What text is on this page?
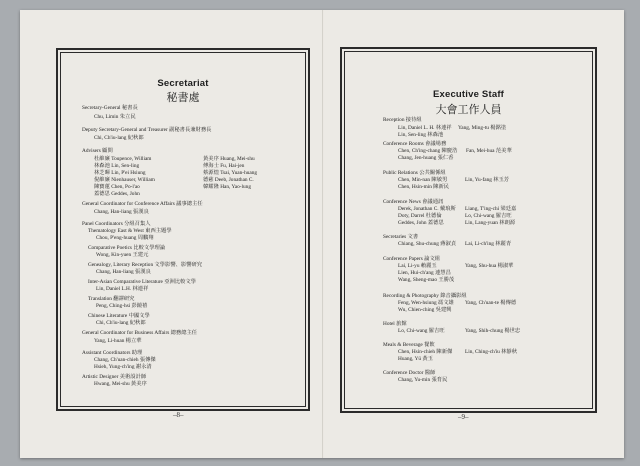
Secretariat
秘書處	Executive Staff
大會工作人員
–8–	–9–
Secretary-General 秘書長
Chu, Limin 朱立民
Deputy Secretary-General and Treasurer 副秘書長兼財務長
Chi, Ch'iu-lang 紀秋郎
Advisers 顧問
杜維廉 Toupence, William	黃美序 Huang, Mei-shu
林森池 Lin, Sen-ling	傅海士 Fu, Hai-jen
林芝暉 Lin, P'ei Hsiung	蔡源煌 Tsai, Yuan-huang
倪維廉 Nienhauser, William	德慈 Deeb, Jonathan C.
陳寶蓮 Chen, Po-l'ao	韓耀隆 Han, Yao-lung
蓋德思 Geddes, John
General Coordinator for Conference Affairs 議事總主任
Chang, Han-liang 張漢良
Panel Coordinators 分組召集人
Thematology East & West 東西主題學
Chou, P'eng-huang 周鵬翔
Comparative Poetics 比較文學理論
Wong, Kin-yuen 王建元
Genealogy, Literary Reception 文學影響、影響研究
Chang, Han-liang 張漢良
Inter-Asian Comparative Literature 亞洲比較文學
Lin, Daniel L.H. 林連祥
Translation 翻譯研究
Peng, Ching-hsi 彭鏡禧
Chinese Literature 中國文學
Chi, Ch'iu-lang 紀秋郎
General Coordinator for Business Affairs 總務總主任
Yang, Li-huan 楊立華
Assistant Coordinators 助理
Chang, Ch'uan-chieh 張傳傑
Hsieh, Yung-ch'ing 謝永清
Artistic Designer 美術設計師
Hwang, Mei-shu 黃美序
Reception 接待組
Lin, Daniel L. H. 林連祥 Yang, Ming-tu 楊銘塗
Lin, Sen-ling 林森池
Conference Rooms 會議場務
Chen, Ch'ing-chang 陳慶浩 Fan, Mei-hua 范美華
Chang, Jen-huang 張仁香
Public Relations 公共關係組
Chen, Min-nan 陳敏男	Lin, Yu-fang 林玉芳
Chen, Hsin-min 陳新民
Conference News 會議通訊
Derek, Jonathan C. 戴琅斯 Liang, T'ing-chi 梁廷嘉
Doty, Darrel 杜德倫	Lo, Chi-wang 羅吉旺
Geddes, John 蓋德思	Lin, Lang-yuan 林朗源
Secretaries 文書
Chiang, Shu-chung 蔣淑貞 Lai, Li-ch'ing 林麗青
Conference Papers 論文組
Lai, Li-yu 賴麗玉	Yang, Shu-hua 楊淑華
Lien, Hui-ch'ang 連慧昌
Wang, Sheng-mao 王勝茂
Recording & Photography 錄音攝影組
Feng, Wen-hsiung 馮文雄 Yang, Ch'uan-te 楊傳德
Wu, Chien-ching 吳建興
Hotel 旅館
Lo, Chi-wang 羅吉旺	Yang, Shih-chung 楊世忠
Meals & Beverage 餐飲
Chen, Hsin-chieh 陳新傑 Lin, Ching-ch'iu 林靜秋
Huang, Yü 黃玉
Conference Doctor 醫師
Chang, Yu-min 張育民
